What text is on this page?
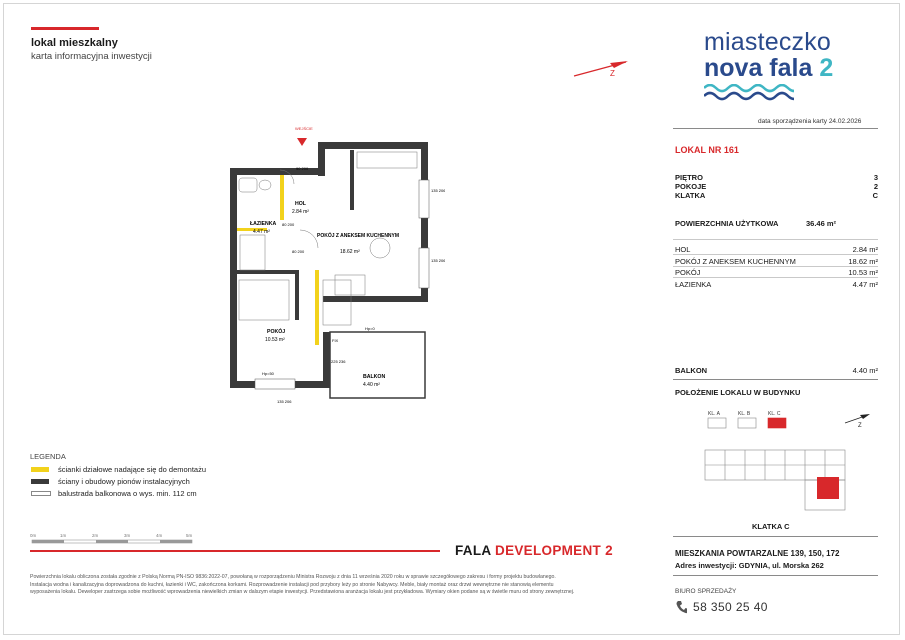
lokal mieszkalny
karta informacyjna inwestycji
Z
miasteczko
nova fala 2
data sporządzenia karty 24.02.2026
LOKAL NR 161
PIĘTRO	3
POKOJE	2
KLATKA	C
POWIERZCHNIA UŻYTKOWA	36.46 m²
HOL	2.84 m²
POKÓJ Z ANEKSEM KUCHENNYM	18.62 m²
POKÓJ	10.53 m²
ŁAZIENKA	4.47 m²
BALKON	4.40 m²
POŁOŻENIE LOKALU W BUDYNKU
KL. A	KL. B	KL. C
Z
KLATKA C
MIESZKANIA POWTARZALNE 139, 150, 172
Adres inwestycji: GDYNIA, ul. Morska 262
BIURO SPRZEDAŻY
58 350 25 40
WEJŚCIE
HOL
2.84 m²
ŁAZIENKA
4.47 m²
POKÓJ Z ANEKSEM KUCHENNYM
18.62 m²
POKÓJ
10.53 m²
BALKON
4.40 m²
90 200
80 200
80 200
135 206
135 206
225 236
135 206
Hp=0
Hp=50
FIX
LEGENDA
ścianki działowe nadające się do demontażu
ściany i obudowy pionów instalacyjnych
balustrada balkonowa o wys. min. 112 cm
0m	1m	2m	3m	4m	5m
FALA DEVELOPMENT 2
Powierzchnia lokalu obliczona została zgodnie z Polską Normą PN-ISO 9836:2022-07, powołaną w rozporządzeniu Ministra Rozwoju z dnia 11 września 2020 roku w sprawie szczegółowego zakresu i formy projektu budowlanego. Instalacja wodna i kanalizacyjna doprowadzona do kuchni, łazienki i WC, zakończona korkami. Rozprowadzenie instalacji pod przybory leży po stronie Nabywcy. Meble, biały montaż oraz drzwi wewnętrzne nie stanowią elementu wyposażenia lokalu. Deweloper zastrzega sobie możliwość wprowadzenia niewielkich zmian w dalszym etapie inwestycji. Przedstawiona aranżacja lokalu jest przykładowa. Wymiary okien podane są w świetle muru od strony zewnętrznej.
